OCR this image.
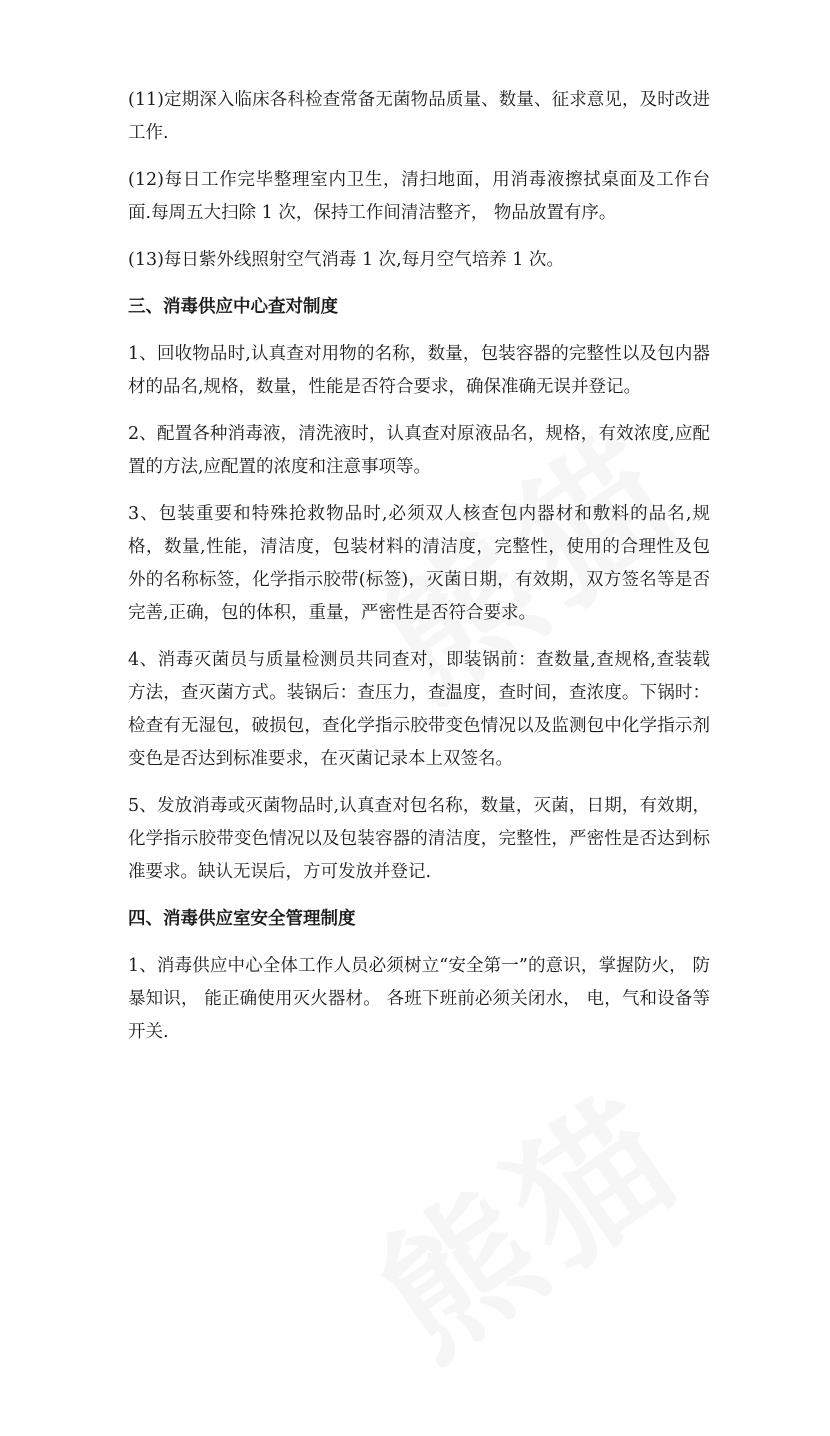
(11)定期深入临床各科检查常备无菌物品质量、数量、征求意见，及时改进工作.

(12)每日工作完毕整理室内卫生，清扫地面，用消毒液擦拭桌面及工作台面.每周五大扫除 1 次，保持工作间清洁整齐， 物品放置有序。

(13)每日紫外线照射空气消毒 1 次,每月空气培养 1 次。

三、消毒供应中心查对制度

1、回收物品时,认真查对用物的名称，数量，包装容器的完整性以及包内器材的品名,规格，数量，性能是否符合要求，确保准确无误并登记。

2、配置各种消毒液，清洗液时，认真查对原液品名，规格，有效浓度,应配置的方法,应配置的浓度和注意事项等。

3、包装重要和特殊抢救物品时,必须双人核查包内器材和敷料的品名,规格，数量,性能，清洁度，包装材料的清洁度，完整性，使用的合理性及包外的名称标签，化学指示胶带(标签)，灭菌日期，有效期，双方签名等是否完善,正确，包的体积，重量，严密性是否符合要求。

4、消毒灭菌员与质量检测员共同查对，即装锅前：查数量,查规格,查装载方法，查灭菌方式。装锅后：查压力，查温度，查时间，查浓度。下锅时：检查有无湿包，破损包，查化学指示胶带变色情况以及监测包中化学指示剂变色是否达到标准要求，在灭菌记录本上双签名。

5、发放消毒或灭菌物品时,认真查对包名称，数量，灭菌，日期，有效期，化学指示胶带变色情况以及包装容器的清洁度，完整性，严密性是否达到标准要求。缺认无误后，方可发放并登记.

四、消毒供应室安全管理制度

1、消毒供应中心全体工作人员必须树立“安全第一”的意识，掌握防火， 防暴知识， 能正确使用灭火器材。 各班下班前必须关闭水， 电，气和设备等开关.
